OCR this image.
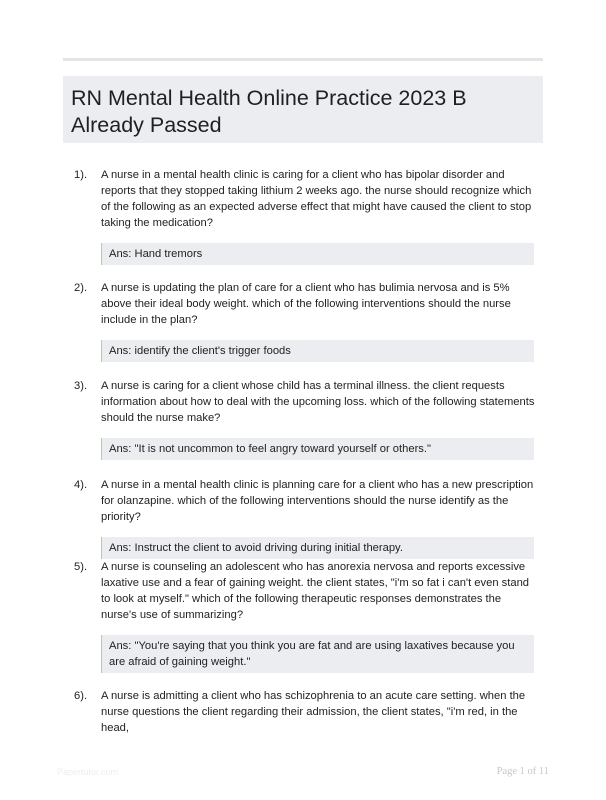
RN Mental Health Online Practice 2023 B Already Passed
1). A nurse in a mental health clinic is caring for a client who has bipolar disorder and reports that they stopped taking lithium 2 weeks ago. the nurse should recognize which of the following as an expected adverse effect that might have caused the client to stop taking the medication?
Ans: Hand tremors
2). A nurse is updating the plan of care for a client who has bulimia nervosa and is 5% above their ideal body weight. which of the following interventions should the nurse include in the plan?
Ans: identify the client's trigger foods
3). A nurse is caring for a client whose child has a terminal illness. the client requests information about how to deal with the upcoming loss. which of the following statements should the nurse make?
Ans: "It is not uncommon to feel angry toward yourself or others."
4). A nurse in a mental health clinic is planning care for a client who has a new prescription for olanzapine. which of the following interventions should the nurse identify as the priority?
Ans: Instruct the client to avoid driving during initial therapy.
5). A nurse is counseling an adolescent who has anorexia nervosa and reports excessive laxative use and a fear of gaining weight. the client states, "i'm so fat i can't even stand to look at myself." which of the following therapeutic responses demonstrates the nurse's use of summarizing?
Ans: "You're saying that you think you are fat and are using laxatives because you are afraid of gaining weight."
6). A nurse is admitting a client who has schizophrenia to an acute care setting. when the nurse questions the client regarding their admission, the client states, "i'm red, in the head,
Papertutor.com	Page 1 of 11
